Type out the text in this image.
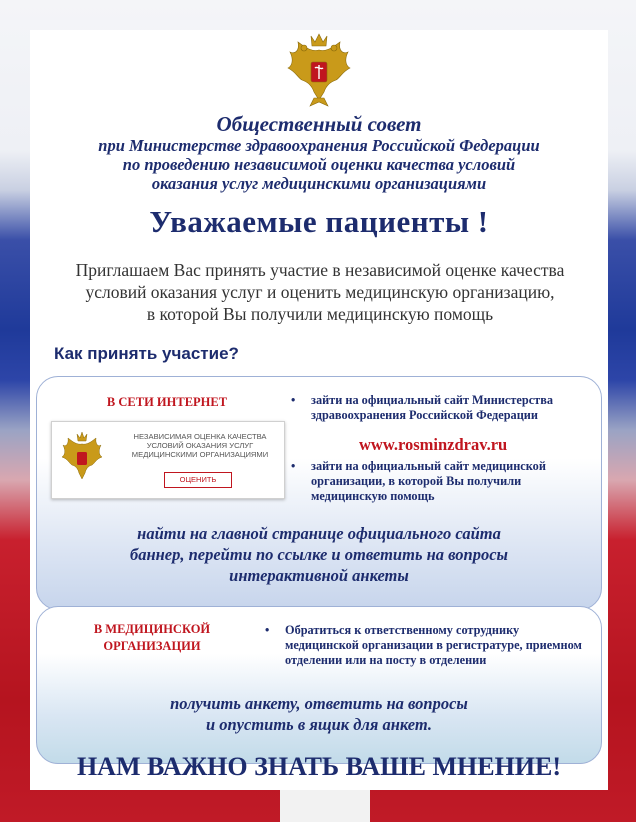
Общественный совет
при Министерстве здравоохранения Российской Федерации
по проведению независимой оценки качества условий
оказания услуг медицинскими организациями
Уважаемые пациенты !
Приглашаем Вас принять участие в независимой оценке качества
условий оказания услуг и оценить медицинскую организацию,
в которой Вы получили медицинскую помощь
Как принять участие?
В СЕТИ ИНТЕРНЕТ
НЕЗАВИСИМАЯ ОЦЕНКА КАЧЕСТВА
УСЛОВИЙ ОКАЗАНИЯ УСЛУГ
МЕДИЦИНСКИМИ ОРГАНИЗАЦИЯМИ
ОЦЕНИТЬ
• зайти на официальный сайт Министерства здравоохранения Российской Федерации
www.rosminzdrav.ru
• зайти на официальный сайт медицинской организации, в которой Вы получили медицинскую помощь
найти на главной странице официального сайта
баннер, перейти по ссылке и ответить на вопросы
интерактивной анкеты
В МЕДИЦИНСКОЙ
ОРГАНИЗАЦИИ
• Обратиться к ответственному сотруднику медицинской организации в регистратуре, приемном отделении или на посту в отделении
получить анкету, ответить на вопросы
и опустить в ящик для анкет.
НАМ ВАЖНО ЗНАТЬ ВАШЕ МНЕНИЕ!
